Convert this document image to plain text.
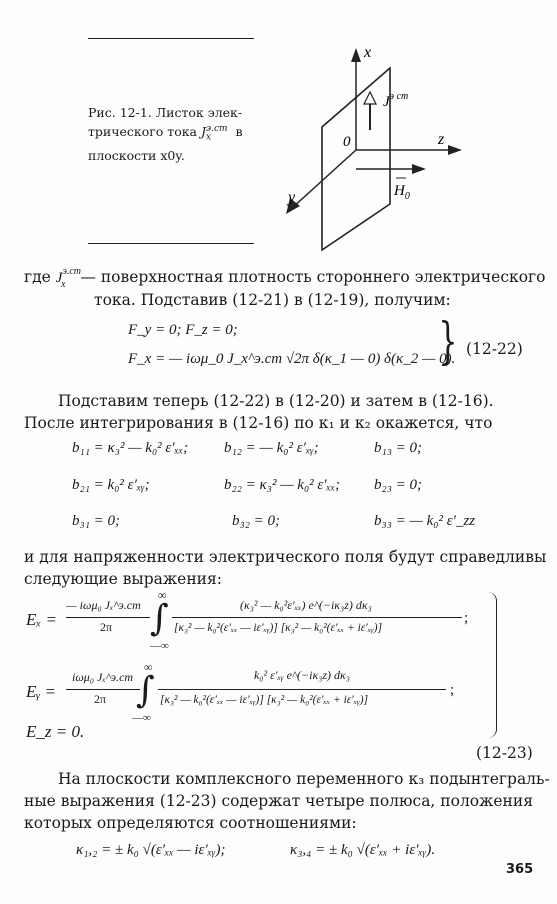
Рис. 12-1. Листок элек-
трического тока $J_x^{э.ст}$ в
плоскости x0y.
x
z
y
0
$J^{э ст}$
$H_0$
где $J^{э.ст}_x$ — поверхностная плотность стороннего электрического
тока. Подставив (12-21) в (12-19), получим:
F_y = 0; F_z = 0;
F_x = — iωμ_0 J_x^э.ст √2π δ(κ_1 — 0) δ(κ_2 — 0).
} (12-22)
Подставим теперь (12-22) в (12-20) и затем в (12-16).
После интегрирования в (12-16) по κ₁ и κ₂ окажется, что
b₁₁ = κ₃² — k₀² ε′ₓₓ; b₁₂ = — k₀² ε′ₓᵧ;	b₁₃ = 0;
b₂₁ = k₀² ε′ₓᵧ;	b₂₂ = κ₃² — k₀² ε′ₓₓ; b₂₃ = 0;
b₃₁ = 0;	b₃₂ = 0;	b₃₃ = — k₀² ε′_zz
и для напряженности электрического поля будут справедливы
следующие выражения:
Eₓ =
— iωμ₀ Jₓ^э.ст
2π ∫
∞
—∞
(κ₃² — k₀²ε′ₓₓ) e^(−iκ₃z) dκ₃
[κ₃² — k₀²(ε′ₓₓ — iε′ₓᵧ)] [κ₃² — k₀²(ε′ₓₓ + iε′ₓᵧ)]
;
Eᵧ =
iωμ₀ Jₓ^э.ст
2π ∫
∞
—∞
k₀² ε′ₓᵧ e^(−iκ₃z) dκ₃
[κ₃² — k₀²(ε′ₓₓ — iε′ₓᵧ)] [κ₃² — k₀²(ε′ₓₓ + iε′ₓᵧ)]
;
E_z = 0.
(12-23)
На плоскости комплексного переменного κ₃ подынтеграль-
ные выражения (12-23) содержат четыре полюса, положения
которых определяются соотношениями:
κ₁,₂ = ± k₀ √(ε′ₓₓ — iε′ₓᵧ);	κ₃,₄ = ± k₀ √(ε′ₓₓ + iε′ₓᵧ).
365
